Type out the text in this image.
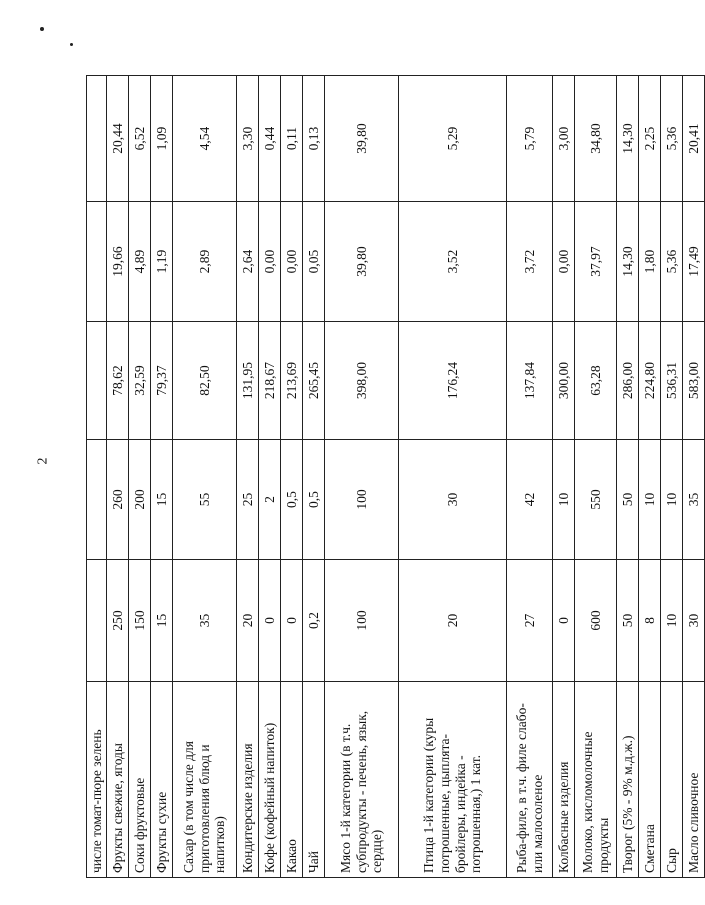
2
числе томат-пюре зелень					
Фрукты свежие, ягоды	250	260	78,62	19,66	20,44
Соки фруктовые	150	200	32,59	4,89	6,52
Фрукты сухие	15	15	79,37	1,19	1,09
Сахар (в том числе для приготовления блюд и напитков)	35	55	82,50	2,89	4,54
Кондитерские изделия	20	25	131,95	2,64	3,30
Кофе (кофейный напиток)	0	2	218,67	0,00	0,44
Какао	0	0,5	213,69	0,00	0,11
Чай	0,2	0,5	265,45	0,05	0,13
Мясо 1-й категории (в т.ч. субпродукты - печень, язык, сердце)	100	100	398,00	39,80	39,80
Птица 1-й категории (куры потрошенные, цыплята-бройлеры, индейка - потрошенная,) 1 кат.	20	30	176,24	3,52	5,29
Рыба-филе, в т.ч. филе слабо-или малосоленое	27	42	137,84	3,72	5,79
Колбасные изделия	0	10	300,00	0,00	3,00
Молоко, кисломолочные продукты	600	550	63,28	37,97	34,80
Творог (5% - 9% м.д.ж.)	50	50	286,00	14,30	14,30
Сметана	8	10	224,80	1,80	2,25
Сыр	10	10	536,31	5,36	5,36
Масло сливочное	30	35	583,00	17,49	20,41
